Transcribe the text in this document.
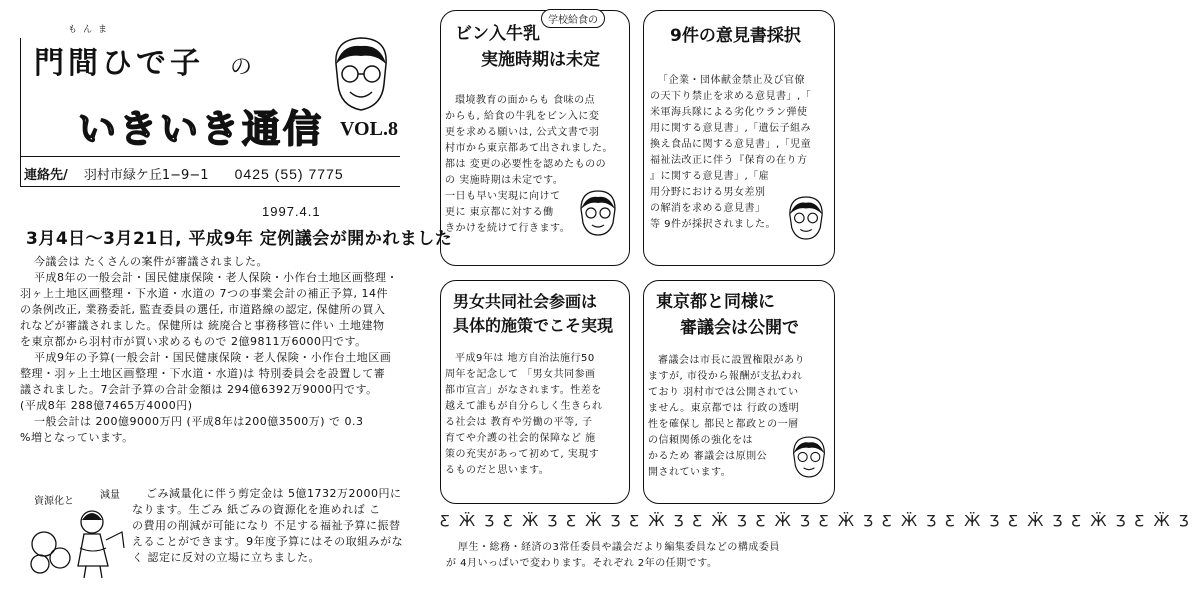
もんま
門間ひで子 の
いきいき通信 VOL.8
連絡先/ 羽村市緑ケ丘1−9−1 0425 (55) 7775
1997.4.1
3月4日〜3月21日, 平成9年 定例議会が開かれました
今議会は たくさんの案件が審議されました。
平成8年の一般会計・国民健康保険・老人保険・小作台土地区画整理・
羽ヶ上土地区画整理・下水道・水道の 7つの事業会計の補正予算, 14件
の条例改正, 業務委託, 監査委員の選任, 市道路線の認定, 保健所の買入
れなどが審議されました。保健所は 統廃合と事務移管に伴い 土地建物
を東京都から羽村市が買い求めるもので 2億9811万6000円です。
平成9年の予算(一般会計・国民健康保険・老人保険・小作台土地区画
整理・羽ヶ上土地区画整理・下水道・水道)は 特別委員会を設置して審
議されました。7会計予算の合計金額は 294億6392万9000円です。
(平成8年 288億7465万4000円)
一般会計は 200億9000万円 (平成8年は200億3500万) で 0.3
%増となっています。
資源化と
減量	ごみ減量化に伴う剪定金は 5億1732万2000円に
なります。生ごみ 紙ごみの資源化を進めれば こ
の費用の削減が可能になり 不足する福祉予算に振替
えることができます。9年度予算にはその取組みがな
く 認定に反対の立場に立ちました。
学校給食の
ビン入牛乳
実施時期は未定
環境教育の面からも 食味の点
からも, 給食の牛乳をビン入に変
更を求める願いは, 公式文書で羽
村市から東京都あて出されました。
都は 変更の必要性を認めたものの
の 実施時期は未定です。
一日も早い実現に向けて
更に 東京都に対する働
きかけを続けて行きます。
9件の意見書採択
「企業・団体献金禁止及び官僚
の天下り禁止を求める意見書」,「
米軍海兵隊による劣化ウラン弾使
用に関する意見書」,「遺伝子組み
換え食品に関する意見書」,「児童
福祉法改正に伴う『保育の在り方
』に関する意見書」,「雇
用分野における男女差別
の解消を求める意見書」
等 9件が採択されました。
男女共同社会参画は
具体的施策でこそ実現
平成9年は 地方自治法施行50
周年を記念して 「男女共同参画
都市宣言」がなされます。性差を
越えて誰もが自分らしく生きられ
る社会は 教育や労働の平等, 子
育てや介護の社会的保障など 施
策の充実があって初めて, 実現す
るものだと思います。
東京都と同様に
審議会は公開で
審議会は市長に設置権限があり
ますが, 市役から報酬が支払われ
ており 羽村市では公開されてい
ません。東京都では 行政の透明
性を確保し 都民と都政との一層
の信頼関係の強化をは
かるため 審議会は原則公
開されています。
ƸӜƷƸӜƷƸӜƷƸӜƷƸӜƷƸӜƷƸӜƷƸӜƷƸӜƷƸӜƷƸӜƷƸӜƷ
厚生・総務・経済の3常任委員や議会だより編集委員などの構成委員
が 4月いっぱいで変わります。それぞれ 2年の任期です。
